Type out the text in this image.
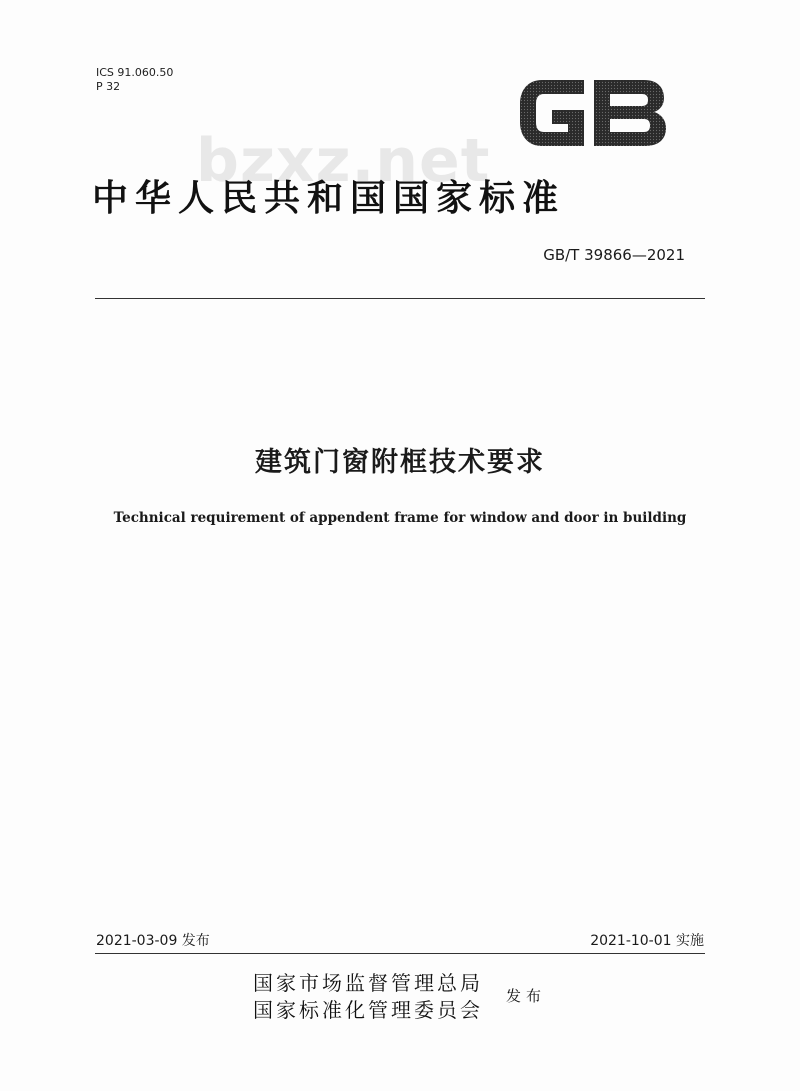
ICS 91.060.50
P 32
GB
bzxz.net
中华人民共和国国家标准
GB/T 39866—2021
建筑门窗附框技术要求
Technical requirement of appendent frame for window and door in building
2021-03-09 发布	2021-10-01 实施
国家市场监督管理总局
国家标准化管理委员会
发布
